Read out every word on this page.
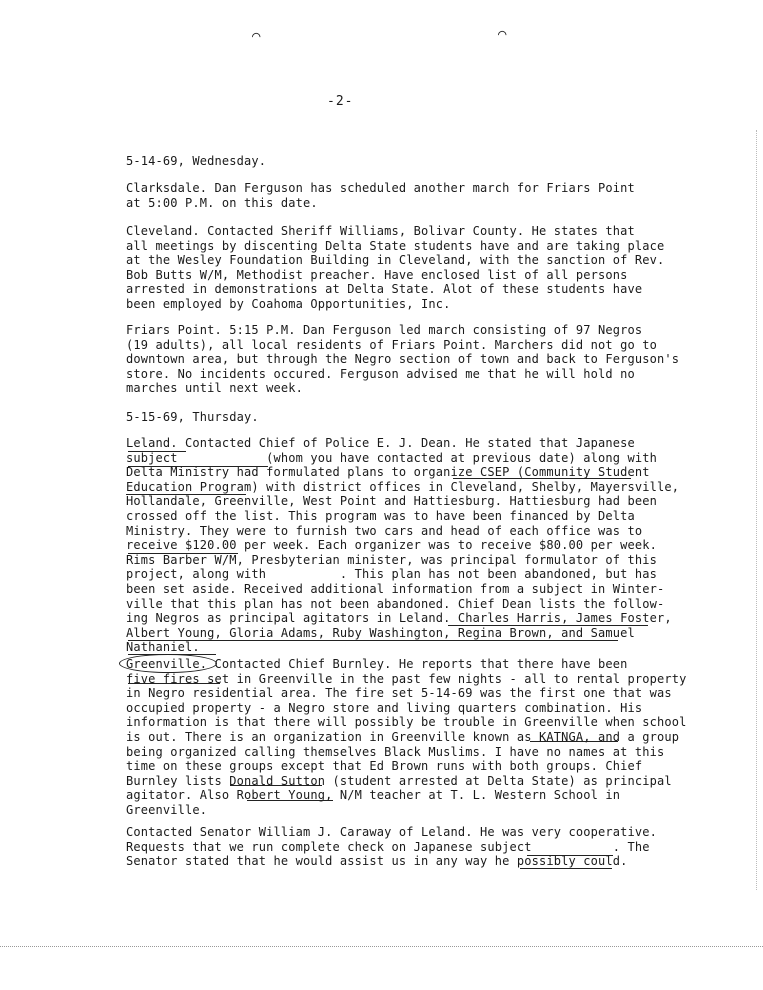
⌒	⌒
-2-
5-14-69, Wednesday.
Clarksdale. Dan Ferguson has scheduled another march for Friars Point
at 5:00 P.M. on this date.
Cleveland. Contacted Sheriff Williams, Bolivar County. He states that
all meetings by discenting Delta State students have and are taking place
at the Wesley Foundation Building in Cleveland, with the sanction of Rev.
Bob Butts W/M, Methodist preacher. Have enclosed list of all persons
arrested in demonstrations at Delta State. Alot of these students have
been employed by Coahoma Opportunities, Inc.
Friars Point. 5:15 P.M. Dan Ferguson led march consisting of 97 Negros
(19 adults), all local residents of Friars Point. Marchers did not go to
downtown area, but through the Negro section of town and back to Ferguson's
store. No incidents occured. Ferguson advised me that he will hold no
marches until next week.
5-15-69, Thursday.
Leland. Contacted Chief of Police E. J. Dean. He stated that Japanese
subject            (whom you have contacted at previous date) along with
Delta Ministry had formulated plans to organize CSEP (Community Student
Education Program) with district offices in Cleveland, Shelby, Mayersville,
Hollandale, Greenville, West Point and Hattiesburg. Hattiesburg had been
crossed off the list. This program was to have been financed by Delta
Ministry. They were to furnish two cars and head of each office was to
receive $120.00 per week. Each organizer was to receive $80.00 per week.
Rims Barber W/M, Presbyterian minister, was principal formulator of this
project, along with          . This plan has not been abandoned, but has
been set aside. Received additional information from a subject in Winter-
ville that this plan has not been abandoned. Chief Dean lists the follow-
ing Negros as principal agitators in Leland. Charles Harris, James Foster,
Albert Young, Gloria Adams, Ruby Washington, Regina Brown, and Samuel
Nathaniel.
Greenville. Contacted Chief Burnley. He reports that there have been
five fires set in Greenville in the past few nights - all to rental property
in Negro residential area. The fire set 5-14-69 was the first one that was
occupied property - a Negro store and living quarters combination. His
information is that there will possibly be trouble in Greenville when school
is out. There is an organization in Greenville known as KATNGA, and a group
being organized calling themselves Black Muslims. I have no names at this
time on these groups except that Ed Brown runs with both groups. Chief
Burnley lists Donald Sutton (student arrested at Delta State) as principal
agitator. Also Robert Young, N/M teacher at T. L. Western School in
Greenville.
Contacted Senator William J. Caraway of Leland. He was very cooperative.
Requests that we run complete check on Japanese subject           . The
Senator stated that he would assist us in any way he possibly could.
